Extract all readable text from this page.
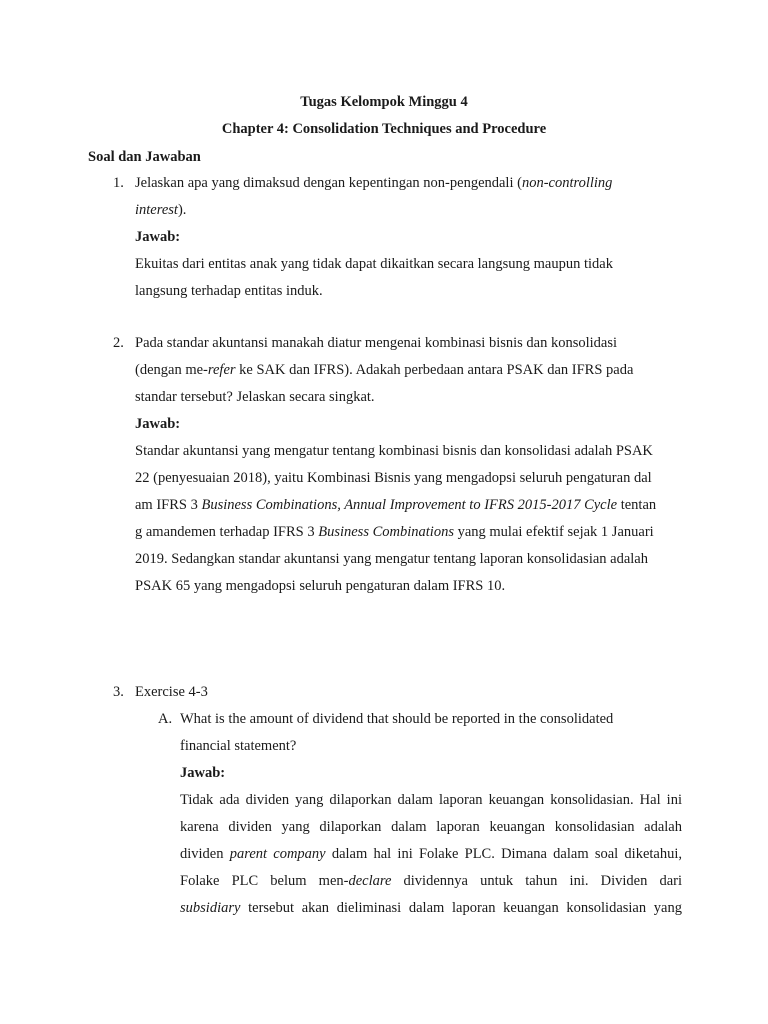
Tugas Kelompok Minggu 4
Chapter 4: Consolidation Techniques and Procedure
Soal dan Jawaban
1. Jelaskan apa yang dimaksud dengan kepentingan non-pengendali (non-controlling
interest).
Jawab:
Ekuitas dari entitas anak yang tidak dapat dikaitkan secara langsung maupun tidak
langsung terhadap entitas induk.
2. Pada standar akuntansi manakah diatur mengenai kombinasi bisnis dan konsolidasi
(dengan me-refer ke SAK dan IFRS). Adakah perbedaan antara PSAK dan IFRS pada
standar tersebut? Jelaskan secara singkat.
Jawab:
Standar akuntansi yang mengatur tentang kombinasi bisnis dan konsolidasi adalah PSAK
22 (penyesuaian 2018), yaitu Kombinasi Bisnis yang mengadopsi seluruh pengaturan dal
am IFRS 3 Business Combinations, Annual Improvement to IFRS 2015-2017 Cycle tentan
g amandemen terhadap IFRS 3 Business Combinations yang mulai efektif sejak 1 Januari
2019. Sedangkan standar akuntansi yang mengatur tentang laporan konsolidasian adalah
PSAK 65 yang mengadopsi seluruh pengaturan dalam IFRS 10.
3. Exercise 4-3
A. What is the amount of dividend that should be reported in the consolidated
financial statement?
Jawab:
Tidak ada dividen yang dilaporkan dalam laporan keuangan konsolidasian. Hal ini
karena dividen yang dilaporkan dalam laporan keuangan konsolidasian adalah
dividen parent company dalam hal ini Folake PLC. Dimana dalam soal diketahui,
Folake PLC belum men-declare dividennya untuk tahun ini. Dividen dari
subsidiary tersebut akan dieliminasi dalam laporan keuangan konsolidasian yang
